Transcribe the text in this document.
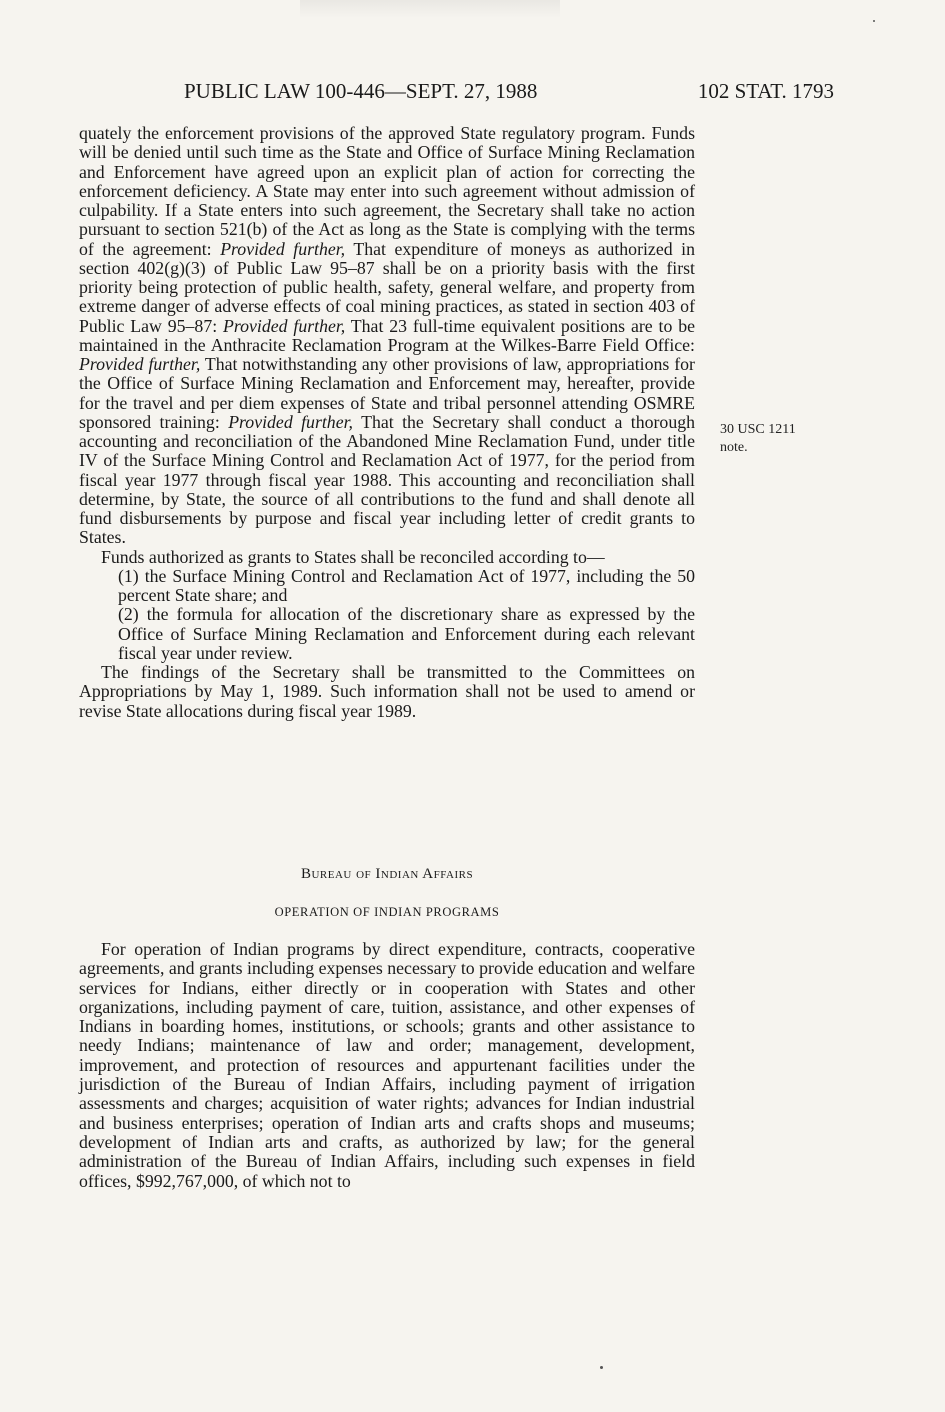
PUBLIC LAW 100-446—SEPT. 27, 1988	102 STAT. 1793

quately the enforcement provisions of the approved State regulatory program. Funds will be denied until such time as the State and Office of Surface Mining Reclamation and Enforcement have agreed upon an explicit plan of action for correcting the enforcement deficiency. A State may enter into such agreement without admission of culpability. If a State enters into such agreement, the Secretary shall take no action pursuant to section 521(b) of the Act as long as the State is complying with the terms of the agreement: Provided further, That expenditure of moneys as authorized in section 402(g)(3) of Public Law 95–87 shall be on a priority basis with the first priority being protection of public health, safety, general welfare, and property from extreme danger of adverse effects of coal mining practices, as stated in section 403 of Public Law 95–87: Provided further, That 23 full-time equivalent positions are to be maintained in the Anthracite Reclamation Program at the Wilkes-Barre Field Office: Provided further, That notwithstanding any other provisions of law, appropriations for the Office of Surface Mining Reclamation and Enforcement may, hereafter, provide for the travel and per diem expenses of State and tribal personnel attending OSMRE sponsored training: Provided further, That the Secretary shall conduct a thorough accounting and reconciliation of the Abandoned Mine Reclamation Fund, under title IV of the Surface Mining Control and Reclamation Act of 1977, for the period from fiscal year 1977 through fiscal year 1988. This accounting and reconciliation shall determine, by State, the source of all contributions to the fund and shall denote all fund disbursements by purpose and fiscal year including letter of credit grants to States.

Funds authorized as grants to States shall be reconciled according to—

(1) the Surface Mining Control and Reclamation Act of 1977, including the 50 percent State share; and

(2) the formula for allocation of the discretionary share as expressed by the Office of Surface Mining Reclamation and Enforcement during each relevant fiscal year under review.

The findings of the Secretary shall be transmitted to the Committees on Appropriations by May 1, 1989. Such information shall not be used to amend or revise State allocations during fiscal year 1989.

30 USC 1211
note.
Bureau of Indian Affairs
OPERATION OF INDIAN PROGRAMS

For operation of Indian programs by direct expenditure, contracts, cooperative agreements, and grants including expenses necessary to provide education and welfare services for Indians, either directly or in cooperation with States and other organizations, including payment of care, tuition, assistance, and other expenses of Indians in boarding homes, institutions, or schools; grants and other assistance to needy Indians; maintenance of law and order; management, development, improvement, and protection of resources and appurtenant facilities under the jurisdiction of the Bureau of Indian Affairs, including payment of irrigation assessments and charges; acquisition of water rights; advances for Indian industrial and business enterprises; operation of Indian arts and crafts shops and museums; development of Indian arts and crafts, as authorized by law; for the general administration of the Bureau of Indian Affairs, including such expenses in field offices, $992,767,000, of which not to
